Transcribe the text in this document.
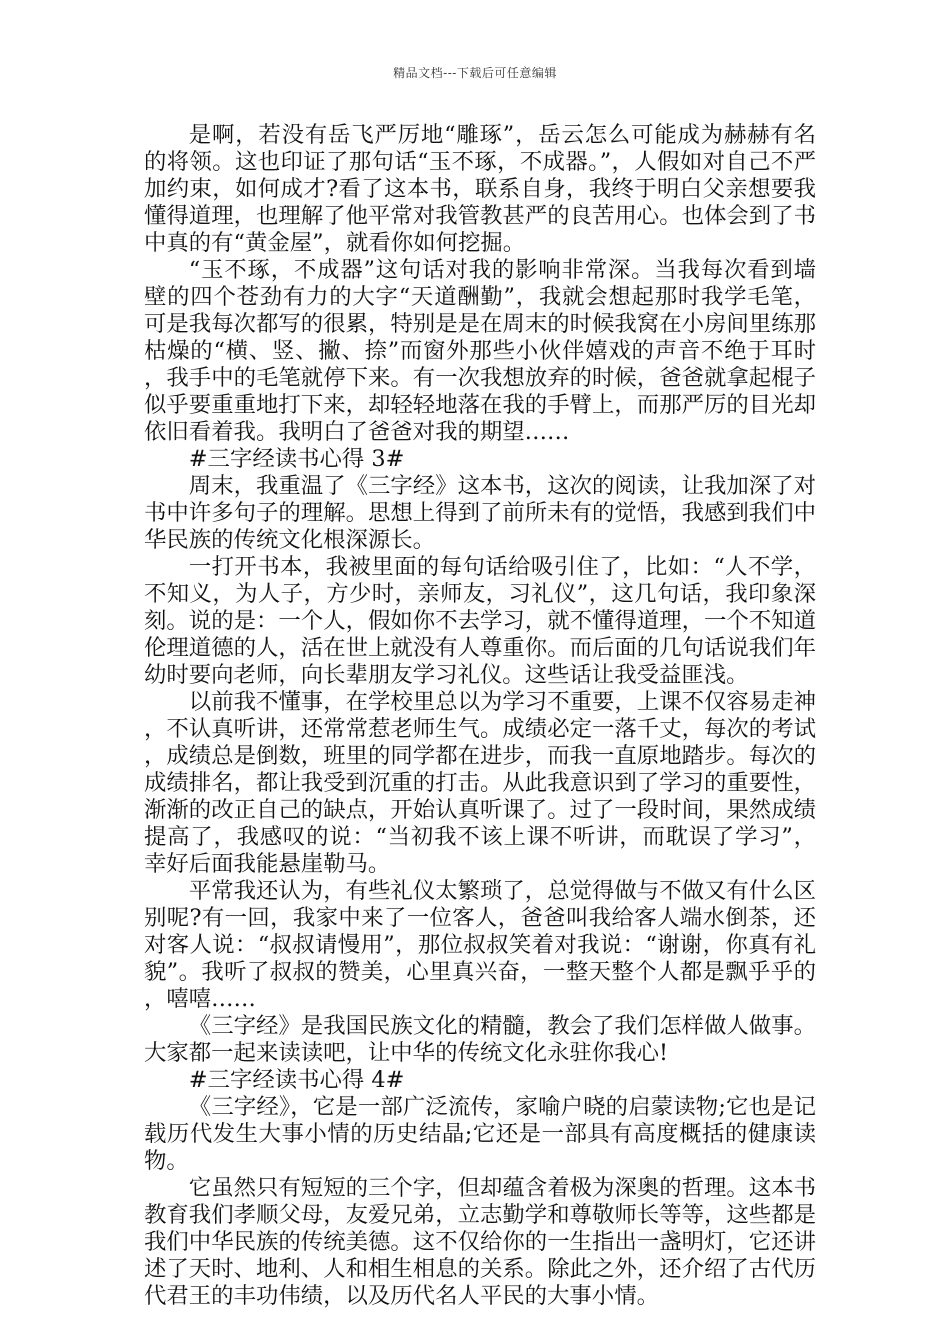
精品文档---下载后可任意编辑

是啊，若没有岳飞严厉地“雕琢”，岳云怎么可能成为赫赫有名的将领。这也印证了那句话“玉不琢，不成器。”，人假如对自己不严加约束，如何成才?看了这本书，联系自身，我终于明白父亲想要我懂得道理，也理解了他平常对我管教甚严的良苦用心。也体会到了书中真的有“黄金屋”，就看你如何挖掘。

“玉不琢，不成器”这句话对我的影响非常深。当我每次看到墙壁的四个苍劲有力的大字“天道酬勤”，我就会想起那时我学毛笔，可是我每次都写的很累，特别是是在周末的时候我窝在小房间里练那枯燥的“横、竖、撇、捺”而窗外那些小伙伴嬉戏的声音不绝于耳时，我手中的毛笔就停下来。有一次我想放弃的时候，爸爸就拿起棍子似乎要重重地打下来，却轻轻地落在我的手臂上，而那严厉的目光却依旧看着我。我明白了爸爸对我的期望……

#三字经读书心得 3#

周末，我重温了《三字经》这本书，这次的阅读，让我加深了对书中许多句子的理解。思想上得到了前所未有的觉悟，我感到我们中华民族的传统文化根深源长。

一打开书本，我被里面的每句话给吸引住了，比如：“人不学，不知义，为人子，方少时，亲师友，习礼仪”，这几句话，我印象深刻。说的是：一个人，假如你不去学习，就不懂得道理，一个不知道伦理道德的人，活在世上就没有人尊重你。而后面的几句话说我们年幼时要向老师，向长辈朋友学习礼仪。这些话让我受益匪浅。

以前我不懂事，在学校里总以为学习不重要，上课不仅容易走神，不认真听讲，还常常惹老师生气。成绩必定一落千丈，每次的考试，成绩总是倒数，班里的同学都在进步，而我一直原地踏步。每次的成绩排名，都让我受到沉重的打击。从此我意识到了学习的重要性，渐渐的改正自己的缺点，开始认真听课了。过了一段时间，果然成绩提高了，我感叹的说：“当初我不该上课不听讲，而耽误了学习”，幸好后面我能悬崖勒马。

平常我还认为，有些礼仪太繁琐了，总觉得做与不做又有什么区别呢?有一回，我家中来了一位客人，爸爸叫我给客人端水倒茶，还对客人说：“叔叔请慢用”，那位叔叔笑着对我说：“谢谢，你真有礼貌”。我听了叔叔的赞美，心里真兴奋，一整天整个人都是飘乎乎的，嘻嘻……

《三字经》是我国民族文化的精髓，教会了我们怎样做人做事。大家都一起来读读吧，让中华的传统文化永驻你我心!

#三字经读书心得 4#

《三字经》，它是一部广泛流传，家喻户晓的启蒙读物;它也是记载历代发生大事小情的历史结晶;它还是一部具有高度概括的健康读物。

它虽然只有短短的三个字，但却蕴含着极为深奥的哲理。这本书教育我们孝顺父母，友爱兄弟，立志勤学和尊敬师长等等，这些都是我们中华民族的传统美德。这不仅给你的一生指出一盏明灯，它还讲述了天时、地利、人和相生相息的关系。除此之外，还介绍了古代历代君王的丰功伟绩，以及历代名人平民的大事小情。
